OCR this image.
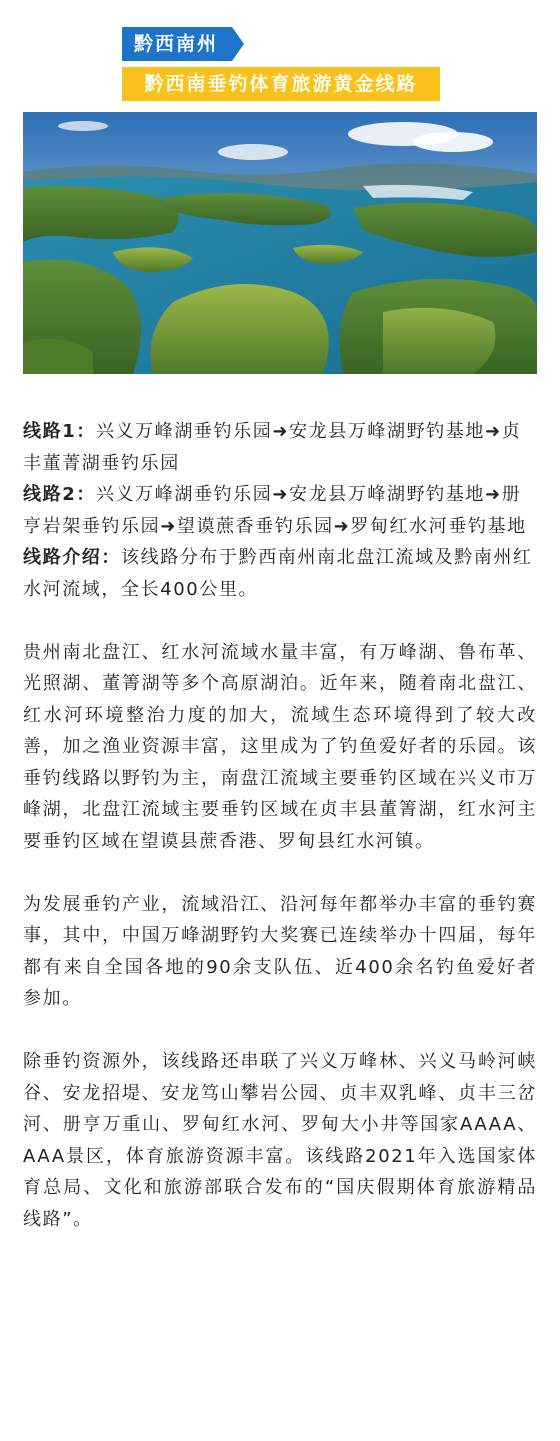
黔西南州
黔西南垂钓体育旅游黄金线路

线路1：兴义万峰湖垂钓乐园➜安龙县万峰湖野钓基地➜贞丰董菁湖垂钓乐园

线路2：兴义万峰湖垂钓乐园➜安龙县万峰湖野钓基地➜册亨岩架垂钓乐园➜望谟蔗香垂钓乐园➜罗甸红水河垂钓基地

线路介绍：该线路分布于黔西南州南北盘江流域及黔南州红水河流域，全长400公里。

贵州南北盘江、红水河流域水量丰富，有万峰湖、鲁布革、光照湖、董箐湖等多个高原湖泊。近年来，随着南北盘江、红水河环境整治力度的加大，流域生态环境得到了较大改善，加之渔业资源丰富，这里成为了钓鱼爱好者的乐园。该垂钓线路以野钓为主，南盘江流域主要垂钓区域在兴义市万峰湖，北盘江流域主要垂钓区域在贞丰县董箐湖，红水河主要垂钓区域在望谟县蔗香港、罗甸县红水河镇。

为发展垂钓产业，流域沿江、沿河每年都举办丰富的垂钓赛事，其中，中国万峰湖野钓大奖赛已连续举办十四届，每年都有来自全国各地的90余支队伍、近400余名钓鱼爱好者参加。

除垂钓资源外，该线路还串联了兴义万峰林、兴义马岭河峡谷、安龙招堤、安龙笃山攀岩公园、贞丰双乳峰、贞丰三岔河、册亨万重山、罗甸红水河、罗甸大小井等国家AAAA、AAA景区，体育旅游资源丰富。该线路2021年入选国家体育总局、文化和旅游部联合发布的“国庆假期体育旅游精品线路”。
